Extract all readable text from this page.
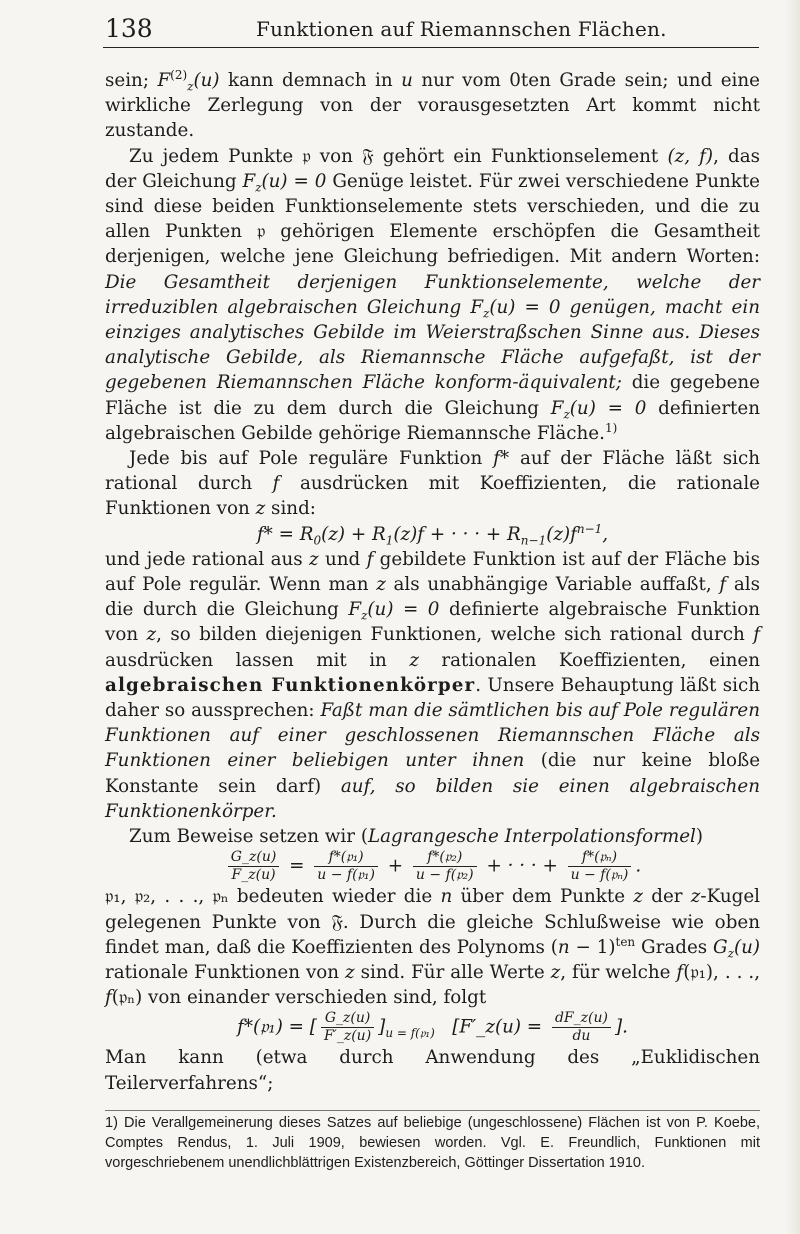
138	Funktionen auf Riemannschen Flächen.

sein; $F^{(2)}_z(u)$ kann demnach in u nur vom 0ten Grade sein; und eine wirkliche Zerlegung von der vorausgesetzten Art kommt nicht zustande.

Zu jedem Punkte 𝔭 von 𝔉 gehört ein Funktionselement (z, f), das der Gleichung $F_z(u) = 0$ Genüge leistet. Für zwei verschiedene Punkte sind diese beiden Funktionselemente stets verschieden, und die zu allen Punkten 𝔭 gehörigen Elemente erschöpfen die Gesamtheit derjenigen, welche jene Gleichung befriedigen. Mit andern Worten: Die Gesamtheit derjenigen Funktionselemente, welche der irreduziblen algebraischen Gleichung $F_z(u) = 0$ genügen, macht ein einziges analytisches Gebilde im Weierstraßschen Sinne aus. Dieses analytische Gebilde, als Riemannsche Fläche aufgefaßt, ist der gegebenen Riemannschen Fläche konform-äquivalent; die gegebene Fläche ist die zu dem durch die Gleichung $F_z(u) = 0$ definierten algebraischen Gebilde gehörige Riemannsche Fläche.$^{1)}$

Jede bis auf Pole reguläre Funktion f* auf der Fläche läßt sich rational durch f ausdrücken mit Koeffizienten, die rationale Funktionen von z sind:

$f* = R_0(z) + R_1(z)f$ + · · · + $R_{n-1}(z)f^{n-1}$,

und jede rational aus z und f gebildete Funktion ist auf der Fläche bis auf Pole regulär. Wenn man z als unabhängige Variable auffaßt, f als die durch die Gleichung $F_z(u) = 0$ definierte algebraische Funktion von z, so bilden diejenigen Funktionen, welche sich rational durch f ausdrücken lassen mit in z rationalen Koeffizienten, einen algebraischen Funktionenkörper. Unsere Behauptung läßt sich daher so aussprechen: Faßt man die sämtlichen bis auf Pole regulären Funktionen auf einer geschlossenen Riemannschen Fläche als Funktionen einer beliebigen unter ihnen (die nur keine bloße Konstante sein darf) auf, so bilden sie einen algebraischen Funktionenkörper.

Zum Beweise setzen wir (Lagrangesche Interpolationsformel)

$\frac{G\_z(u)}{F\_z(u)} = \frac{\text{f*(𝔭₁)}}{\text{u − f(𝔭₁)}} + \frac{\text{f*(𝔭₂)}}{\text{u − f(𝔭₂)}}$ + · · · + $\frac{\text{f*(𝔭ₙ)}}{\text{u − f(𝔭ₙ)}}$ .

𝔭₁, 𝔭₂, . . ., 𝔭ₙ bedeuten wieder die n über dem Punkte z der z-Kugel gelegenen Punkte von 𝔉. Durch die gleiche Schlußweise wie oben findet man, daß die Koeffizienten des Polynoms $(n - 1)^{ten}$ Grades $G_z(u)$ rationale Funktionen von z sind. Für alle Werte z, für welche f(𝔭₁), . . ., f(𝔭ₙ) von einander verschieden sind, folgt

f*(𝔭₁) = [ $\frac{G\_z(u)}{F'\_z(u)} ]_{u = f(𝔭_1)}$ [F′_z(u) = $\frac{dF\_z(u)}{du}$ ].

Man kann (etwa durch Anwendung des „Euklidischen Teilerverfahrens“;

1) Die Verallgemeinerung dieses Satzes auf beliebige (ungeschlossene) Flächen ist von P. Koebe, Comptes Rendus, 1. Juli 1909, bewiesen worden. Vgl. E. Freundlich, Funktionen mit vorgeschriebenem unendlichblättrigen Existenzbereich, Göttinger Dissertation 1910.
